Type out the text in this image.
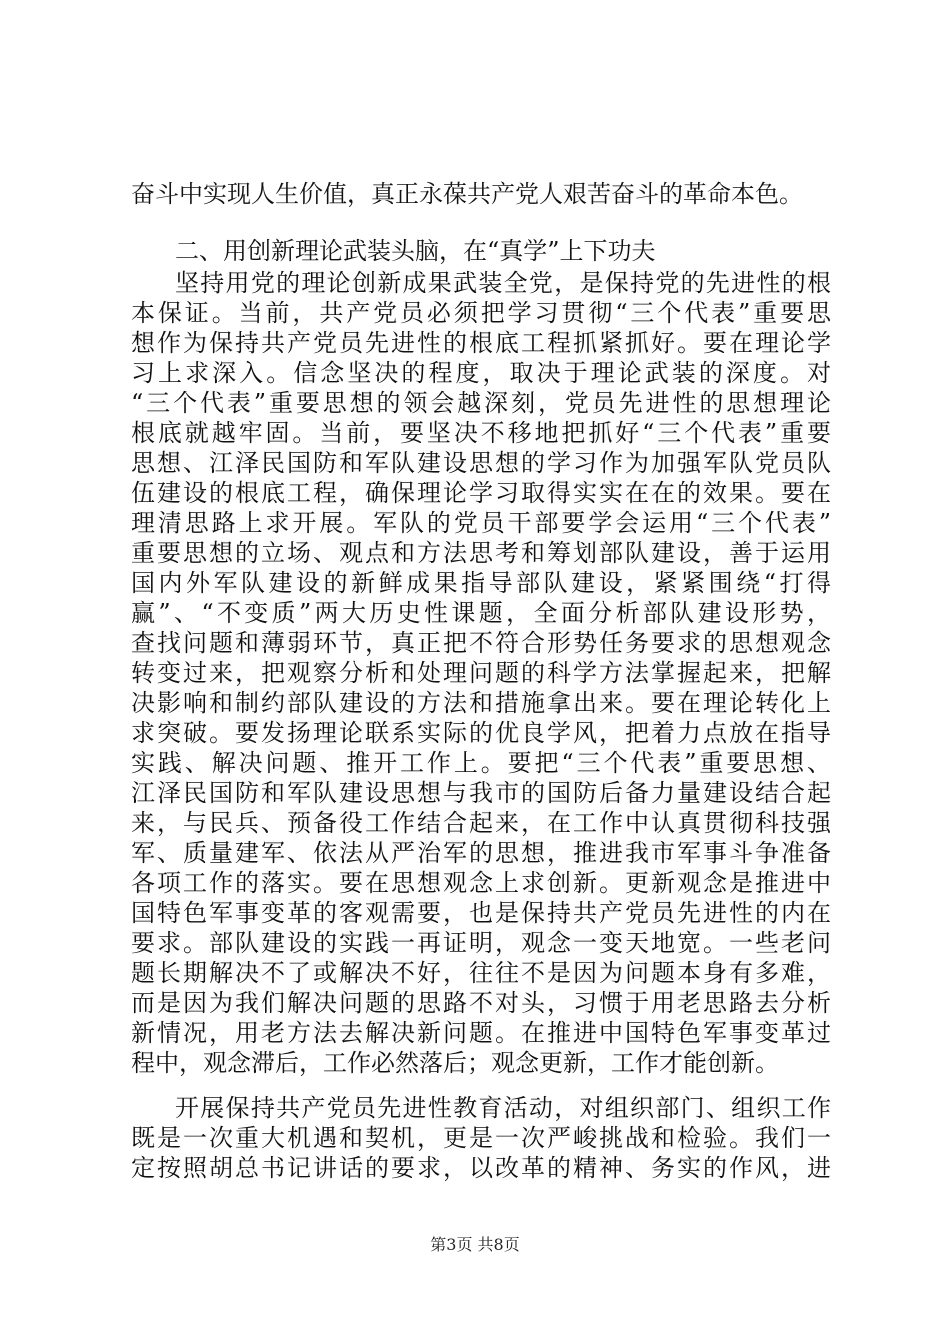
奋斗中实现人生价值，真正永葆共产党人艰苦奋斗的革命本色。
二、用创新理论武装头脑，在“真学”上下功夫
坚持用党的理论创新成果武装全党，是保持党的先进性的根
本保证。当前，共产党员必须把学习贯彻“三个代表”重要思
想作为保持共产党员先进性的根底工程抓紧抓好。要在理论学
习上求深入。信念坚决的程度，取决于理论武装的深度。对
“三个代表”重要思想的领会越深刻，党员先进性的思想理论
根底就越牢固。当前，要坚决不移地把抓好“三个代表”重要
思想、江泽民国防和军队建设思想的学习作为加强军队党员队
伍建设的根底工程，确保理论学习取得实实在在的效果。要在
理清思路上求开展。军队的党员干部要学会运用“三个代表”
重要思想的立场、观点和方法思考和筹划部队建设，善于运用
国内外军队建设的新鲜成果指导部队建设，紧紧围绕“打得
赢”、“不变质”两大历史性课题，全面分析部队建设形势，
查找问题和薄弱环节，真正把不符合形势任务要求的思想观念
转变过来，把观察分析和处理问题的科学方法掌握起来，把解
决影响和制约部队建设的方法和措施拿出来。要在理论转化上
求突破。要发扬理论联系实际的优良学风，把着力点放在指导
实践、解决问题、推开工作上。要把“三个代表”重要思想、
江泽民国防和军队建设思想与我市的国防后备力量建设结合起
来，与民兵、预备役工作结合起来，在工作中认真贯彻科技强
军、质量建军、依法从严治军的思想，推进我市军事斗争准备
各项工作的落实。要在思想观念上求创新。更新观念是推进中
国特色军事变革的客观需要，也是保持共产党员先进性的内在
要求。部队建设的实践一再证明，观念一变天地宽。一些老问
题长期解决不了或解决不好，往往不是因为问题本身有多难，
而是因为我们解决问题的思路不对头，习惯于用老思路去分析
新情况，用老方法去解决新问题。在推进中国特色军事变革过
程中，观念滞后，工作必然落后；观念更新，工作才能创新。
开展保持共产党员先进性教育活动，对组织部门、组织工作
既是一次重大机遇和契机，更是一次严峻挑战和检验。我们一
定按照胡总书记讲话的要求，以改革的精神、务实的作风，进
第3页 共8页
